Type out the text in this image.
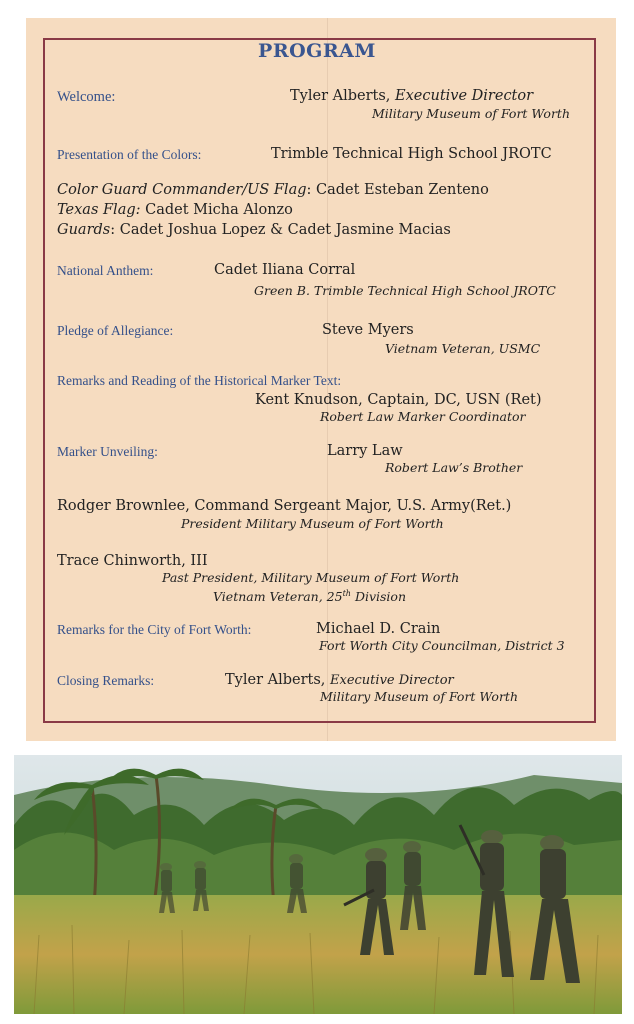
PROGRAM
Welcome:	Tyler Alberts, Executive Director
Military Museum of Fort Worth
Presentation of the Colors:	Trimble Technical High School JROTC
Color Guard Commander/US Flag: Cadet Esteban Zenteno
Texas Flag: Cadet Micha Alonzo
Guards: Cadet Joshua Lopez & Cadet Jasmine Macias
National Anthem:	Cadet Iliana Corral
Green B. Trimble Technical High School JROTC
Pledge of Allegiance:	Steve Myers
Vietnam Veteran, USMC
Remarks and Reading of the Historical Marker Text:
Kent Knudson, Captain, DC, USN (Ret)
Robert Law Marker Coordinator
Marker Unveiling:	Larry Law
Robert Law’s Brother
Rodger Brownlee, Command Sergeant Major, U.S. Army(Ret.)
President Military Museum of Fort Worth
Trace Chinworth, III
Past President, Military Museum of Fort Worth
Vietnam Veteran, 25th Division
Remarks for the City of Fort Worth:	Michael D. Crain
Fort Worth City Councilman, District 3
Closing Remarks:	Tyler Alberts, Executive Director
Military Museum of Fort Worth
